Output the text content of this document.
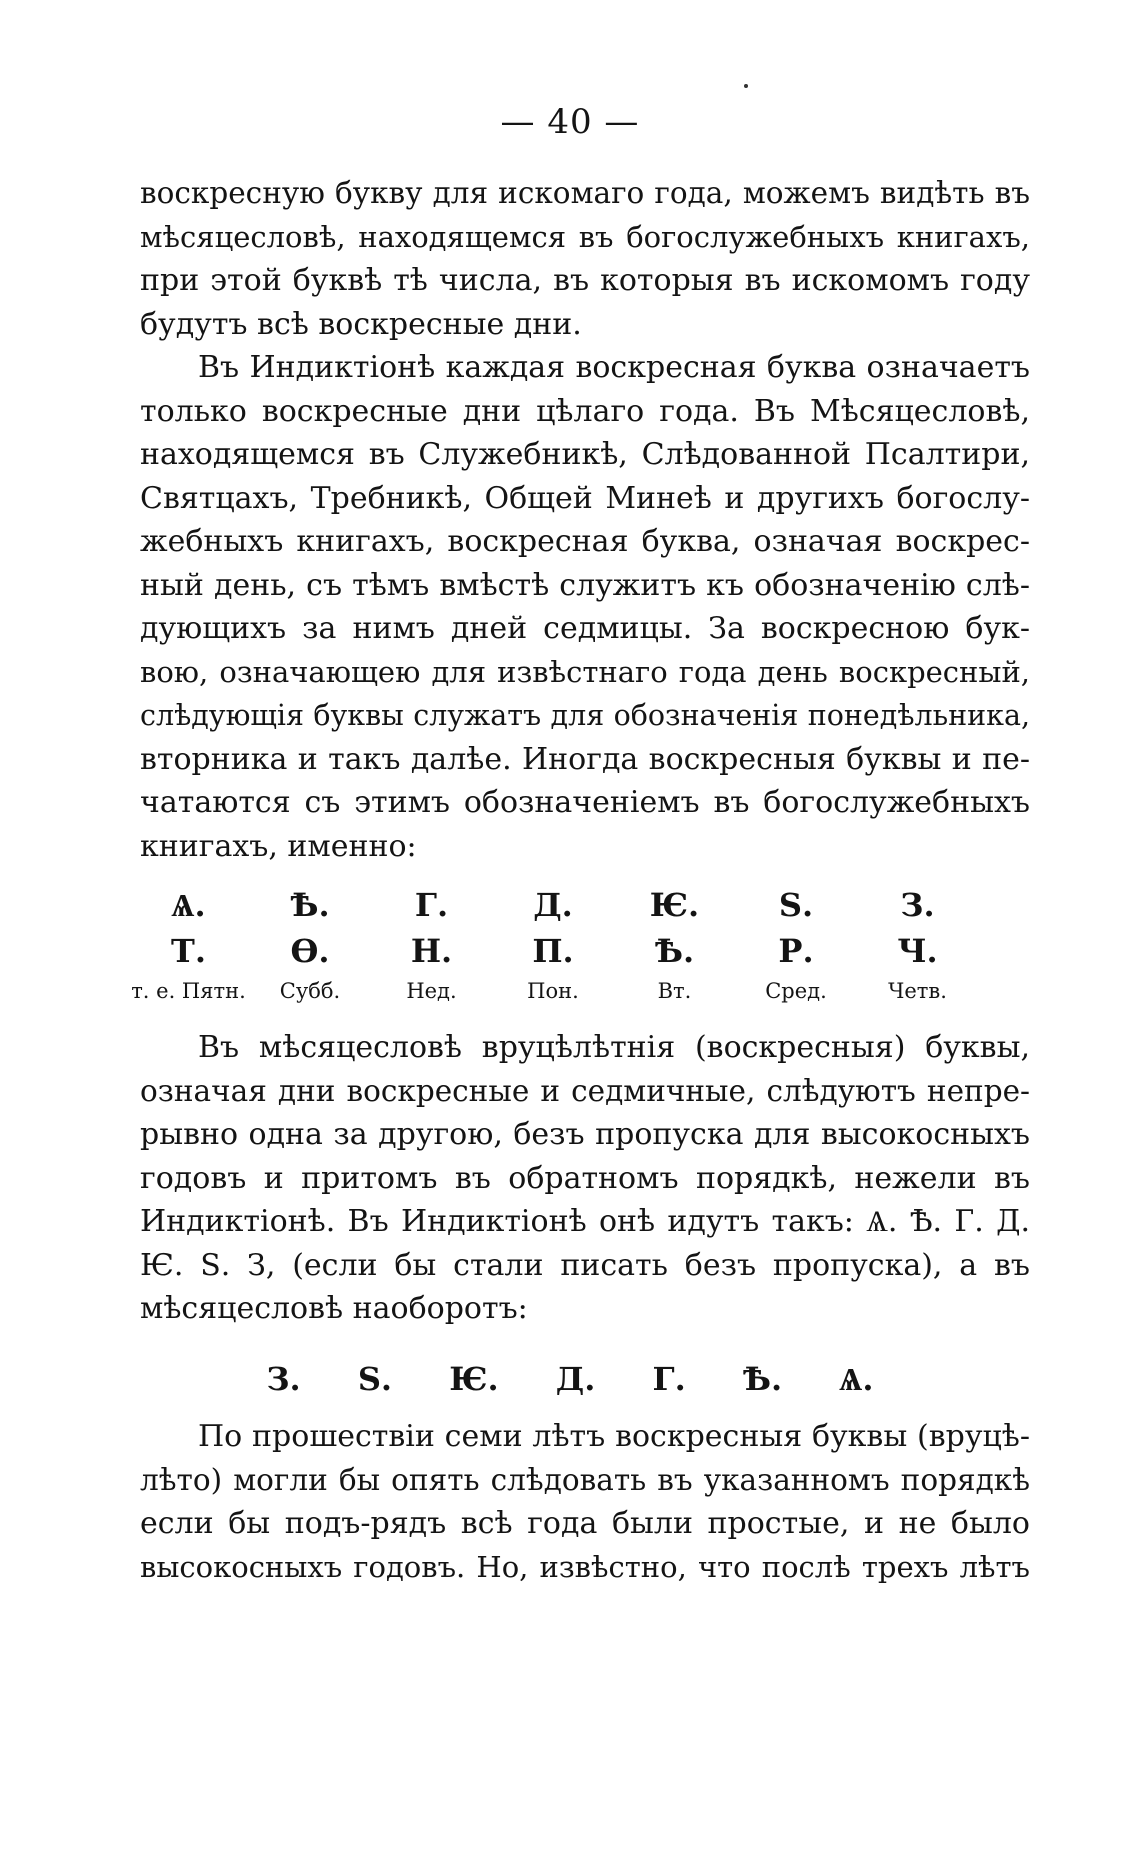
— 40 —
воскресную букву для искомаго года, можемъ видѣть въ
мѣсяцесловѣ, находящемся въ богослужебныхъ книгахъ,
при этой буквѣ тѣ числа, въ которыя въ искомомъ году
будутъ всѣ воскресные дни.
Въ Индиктіонѣ каждая воскресная буква означаетъ
только воскресные дни цѣлаго года. Въ Мѣсяцесловѣ,
находящемся въ Служебникѣ, Слѣдованной Псалтири,
Святцахъ, Требникѣ, Общей Минеѣ и другихъ богослу-
жебныхъ книгахъ, воскресная буква, означая воскрес-
ный день, съ тѣмъ вмѣстѣ служитъ къ обозначенію слѣ-
дующихъ за нимъ дней седмицы. За воскресною бук-
вою, означающею для извѣстнаго года день воскресный,
слѣдующія буквы служатъ для обозначенія понедѣльника,
вторника и такъ далѣе. Иногда воскресныя буквы и пе-
чатаются съ этимъ обозначеніемъ въ богослужебныхъ
книгахъ, именно:
Ѧ.	Ѣ.	Г.	Д.	Ѥ.	Ѕ.	З.
Т.	Ѳ.	Н.	П.	Ѣ.	Р.	Ч.
т. е. Пятн.	Субб.	Нед.	Пон.	Вт.	Сред.	Четв.
Въ мѣсяцесловѣ вруцѣлѣтнія (воскресныя) буквы,
означая дни воскресные и седмичные, слѣдуютъ непре-
рывно одна за другою, безъ пропуска для высокосныхъ
годовъ и притомъ въ обратномъ порядкѣ, нежели въ
Индиктіонѣ. Въ Индиктіонѣ онѣ идутъ такъ: Ѧ. Ѣ. Г. Д.
Ѥ. Ѕ. З, (если бы стали писать безъ пропуска), а въ
мѣсяцесловѣ наоборотъ:
З. Ѕ. Ѥ. Д. Г. Ѣ. Ѧ.
По прошествіи семи лѣтъ воскресныя буквы (вруцѣ-
лѣто) могли бы опять слѣдовать въ указанномъ порядкѣ
если бы подъ-рядъ всѣ года были простые, и не было
высокосныхъ годовъ. Но, извѣстно, что послѣ трехъ лѣтъ
